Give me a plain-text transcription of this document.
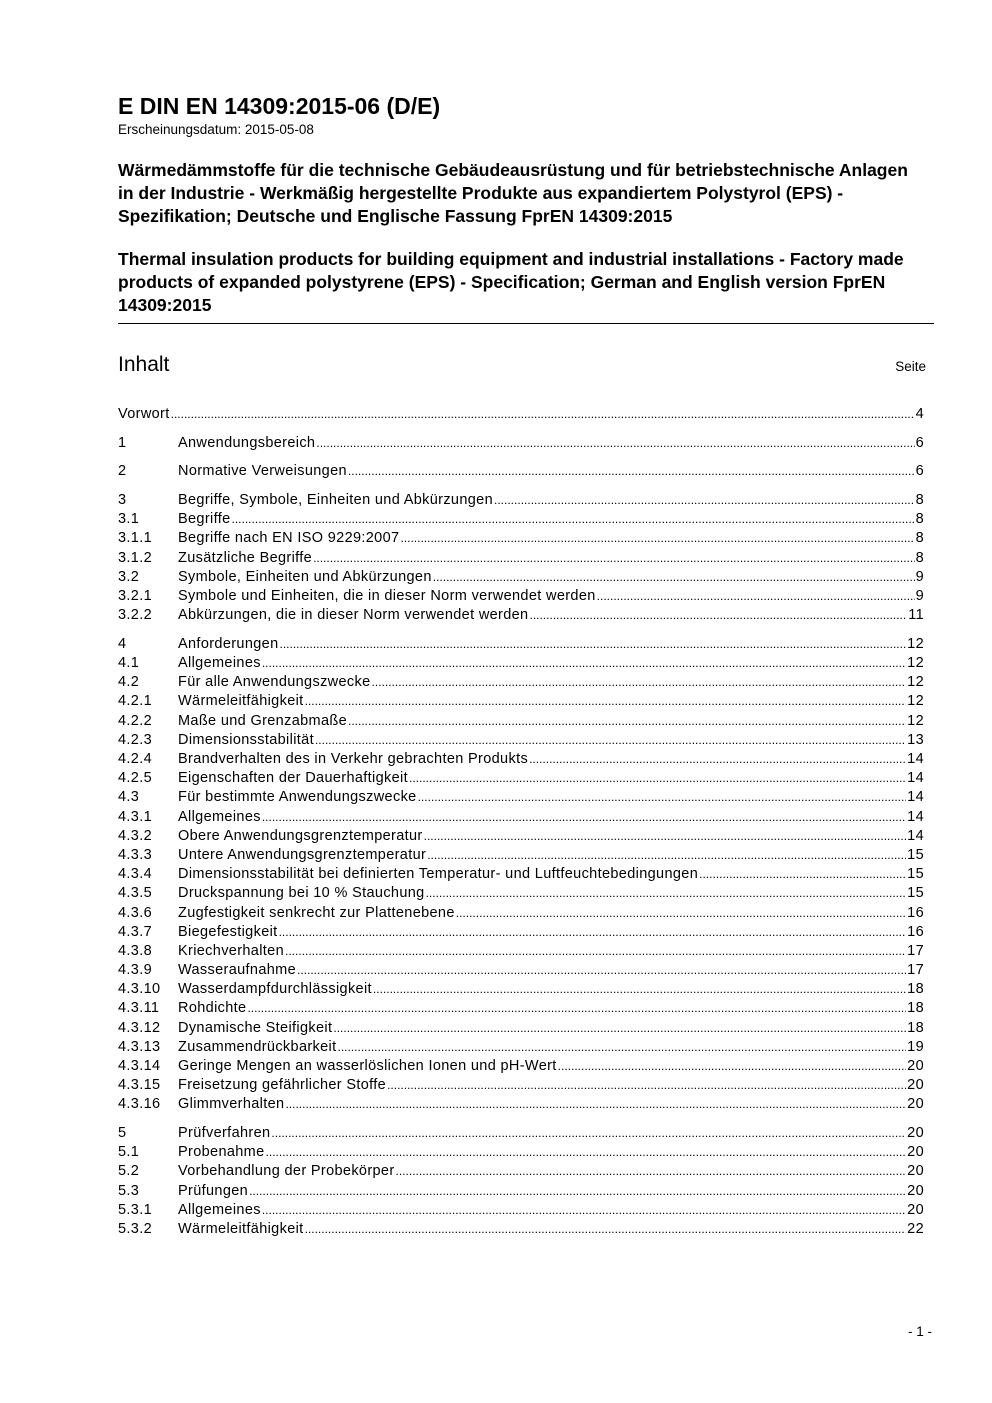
E DIN EN 14309:2015-06 (D/E)

Erscheinungsdatum: 2015-05-08

Wärmedämmstoffe für die technische Gebäudeausrüstung und für betriebstechnische Anlagen in der Industrie - Werkmäßig hergestellte Produkte aus expandiertem Polystyrol (EPS) - Spezifikation; Deutsche und Englische Fassung FprEN 14309:2015

Thermal insulation products for building equipment and industrial installations - Factory made products of expanded polystyrene (EPS) - Specification; German and English version FprEN 14309:2015

Inhalt	Seite
Vorwort .....	4
1	Anwendungsbereich .....	6
2	Normative Verweisungen .....	6
3	Begriffe, Symbole, Einheiten und Abkürzungen .....	8
3.1	Begriffe .....	8
3.1.1	Begriffe nach EN ISO 9229:2007 .....	8
3.1.2	Zusätzliche Begriffe .....	8
3.2	Symbole, Einheiten und Abkürzungen .....	9
3.2.1	Symbole und Einheiten, die in dieser Norm verwendet werden .....	9
3.2.2	Abkürzungen, die in dieser Norm verwendet werden .....	11
4	Anforderungen .....	12
4.1	Allgemeines .....	12
4.2	Für alle Anwendungszwecke .....	12
4.2.1	Wärmeleitfähigkeit .....	12
4.2.2	Maße und Grenzabmaße .....	12
4.2.3	Dimensionsstabilität .....	13
4.2.4	Brandverhalten des in Verkehr gebrachten Produkts .....	14
4.2.5	Eigenschaften der Dauerhaftigkeit .....	14
4.3	Für bestimmte Anwendungszwecke .....	14
4.3.1	Allgemeines .....	14
4.3.2	Obere Anwendungsgrenztemperatur .....	14
4.3.3	Untere Anwendungsgrenztemperatur .....	15
4.3.4	Dimensionsstabilität bei definierten Temperatur- und Luftfeuchtebedingungen .....	15
4.3.5	Druckspannung bei 10 % Stauchung .....	15
4.3.6	Zugfestigkeit senkrecht zur Plattenebene .....	16
4.3.7	Biegefestigkeit .....	16
4.3.8	Kriechverhalten .....	17
4.3.9	Wasseraufnahme .....	17
4.3.10	Wasserdampfdurchlässigkeit .....	18
4.3.11	Rohdichte .....	18
4.3.12	Dynamische Steifigkeit .....	18
4.3.13	Zusammendrückbarkeit .....	19
4.3.14	Geringe Mengen an wasserlöslichen Ionen und pH-Wert .....	20
4.3.15	Freisetzung gefährlicher Stoffe .....	20
4.3.16	Glimmverhalten .....	20
5	Prüfverfahren .....	20
5.1	Probenahme .....	20
5.2	Vorbehandlung der Probekörper .....	20
5.3	Prüfungen .....	20
5.3.1	Allgemeines .....	20
5.3.2	Wärmeleitfähigkeit .....	22
- 1 -
